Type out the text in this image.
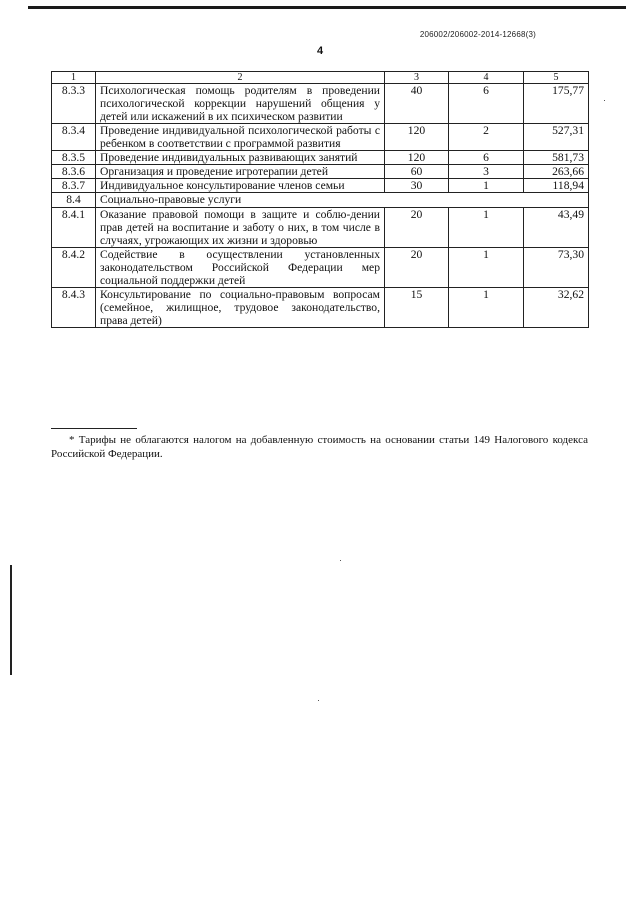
206002/206002-2014-12668(3)
4
1	2	3	4	5
8.3.3	Психологическая помощь родителям в проведении психологической коррекции нарушений общения у детей или искажений в их психическом развитии	40	6	175,77
8.3.4	Проведение индивидуальной психологической работы с ребенком в соответствии с программой развития	120	2	527,31
8.3.5	Проведение индивидуальных развивающих занятий	120	6	581,73
8.3.6	Организация и проведение игротерапии детей	60	3	263,66
8.3.7	Индивидуальное консультирование членов семьи	30	1	118,94
8.4	Социально-правовые услуги			
8.4.1	Оказание правовой помощи в защите и соблю-дении прав детей на воспитание и заботу о них, в том числе в случаях, угрожающих их жизни и здоровью	20	1	43,49
8.4.2	Содействие в осуществлении установленных законодательством Российской Федерации мер социальной поддержки детей	20	1	73,30
8.4.3	Консультирование по социально-правовым вопросам (семейное, жилищное, трудовое законодательство, права детей)	15	1	32,62
* Тарифы не облагаются налогом на добавленную стоимость на основании статьи 149 Налогового кодекса Российской Федерации.
